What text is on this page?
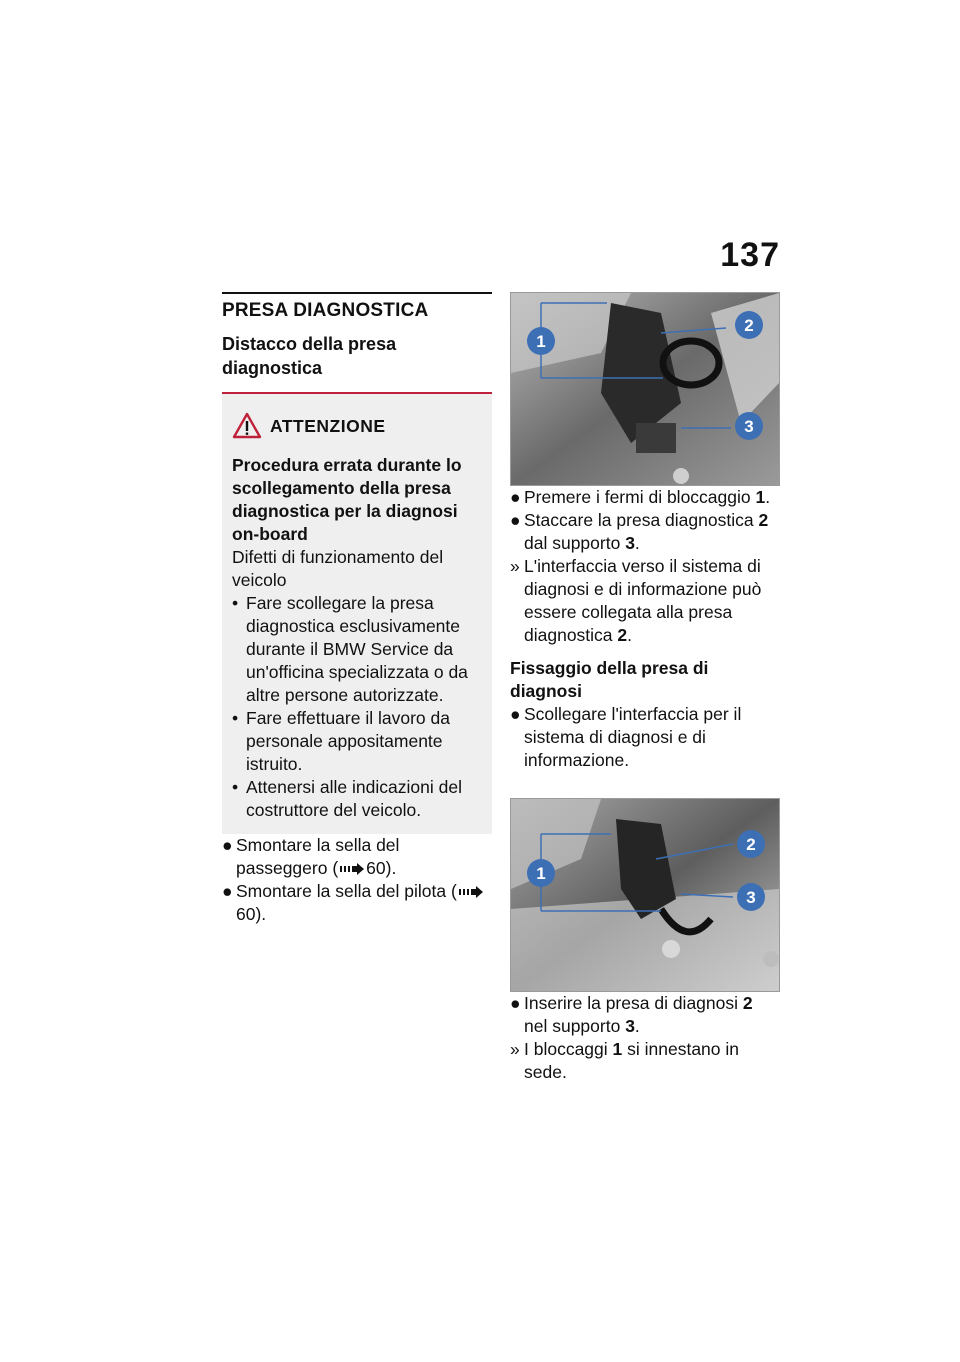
137
PRESA DIAGNOSTICA
Distacco della presa diagnostica
ATTENZIONE
Procedura errata durante lo scollegamento della presa diagnostica per la diagnosi on-board
Difetti di funzionamento del veicolo
• Fare scollegare la presa diagnostica esclusivamente durante il BMW Service da un'officina specializzata o da altre persone autorizzate.
• Fare effettuare il lavoro da personale appositamente istruito.
• Attenersi alle indicazioni del costruttore del veicolo.
● Smontare la sella del passeggero ( 60).
● Smontare la sella del pilota (60).
1
2
3
● Premere i fermi di bloccaggio 1.
● Staccare la presa diagnostica 2 dal supporto 3.
» L'interfaccia verso il sistema di diagnosi e di informazione può essere collegata alla presa diagnostica 2.
Fissaggio della presa di diagnosi
● Scollegare l'interfaccia per il sistema di diagnosi e di informazione.
1
2
3
● Inserire la presa di diagnosi 2 nel supporto 3.
» I bloccaggi 1 si innestano in sede.
